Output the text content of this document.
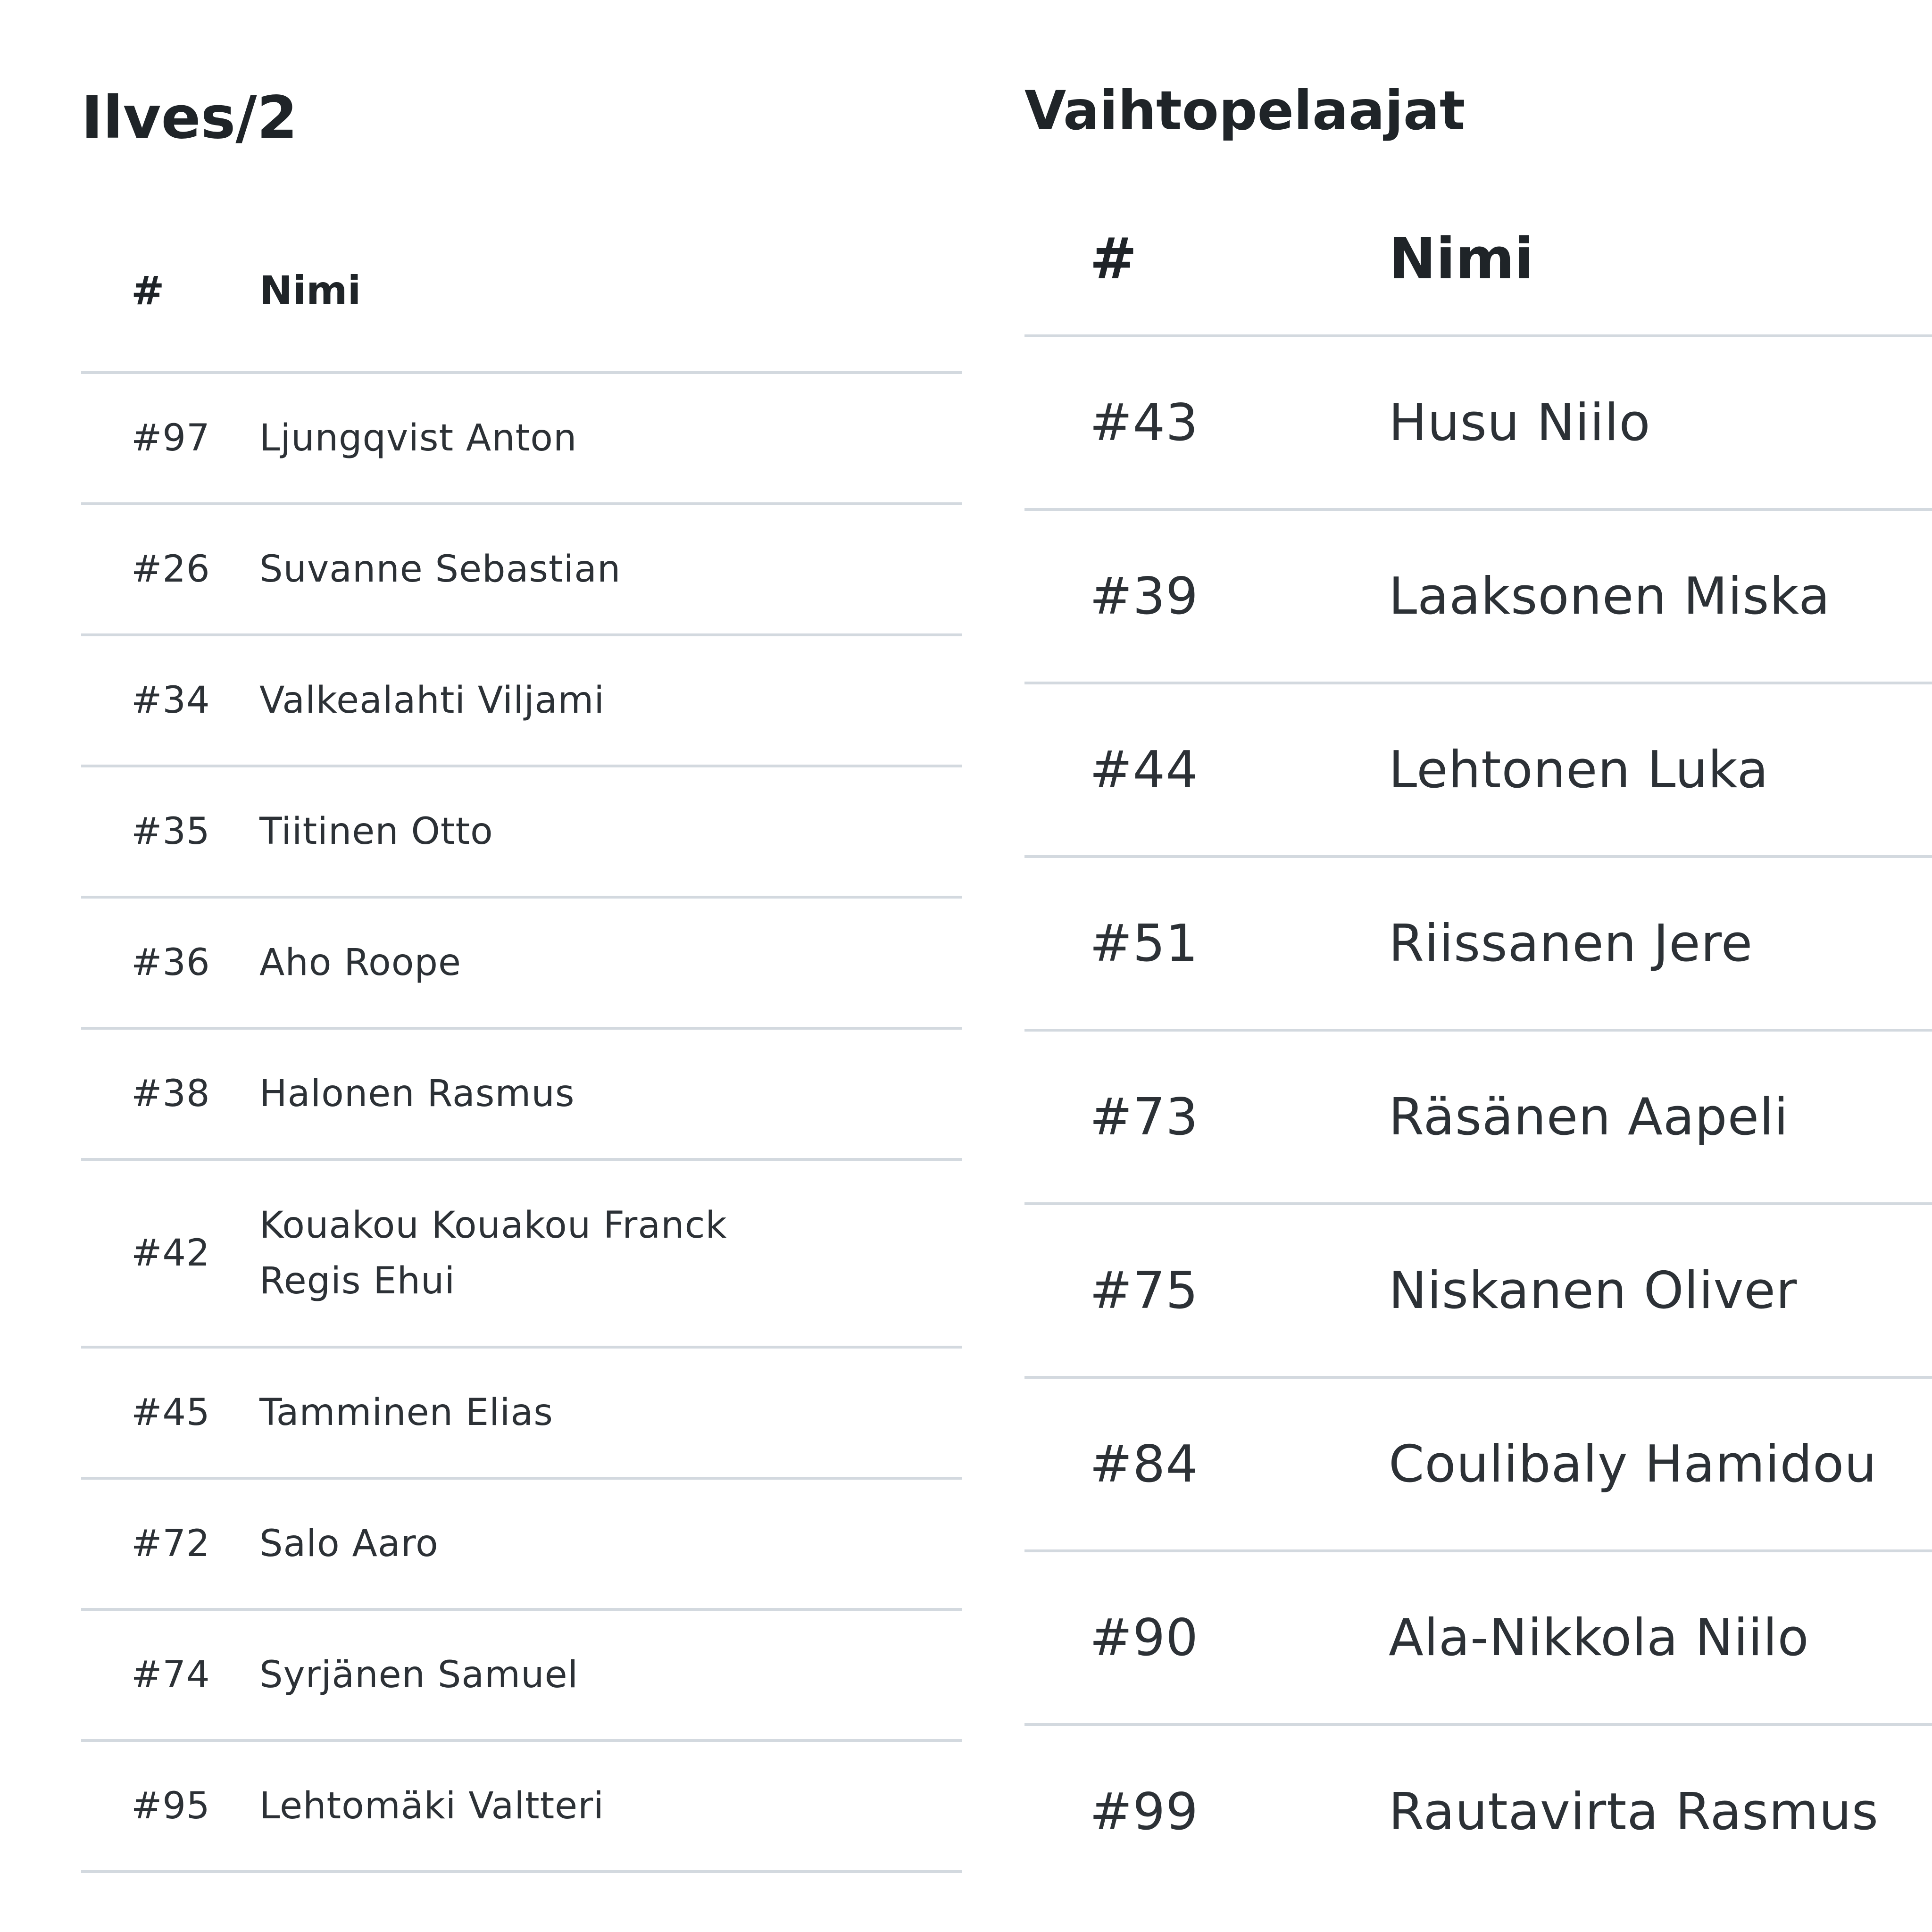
Ilves/2
#	Nimi
#97	Ljungqvist Anton
#26	Suvanne Sebastian
#34	Valkealahti Viljami
#35	Tiitinen Otto
#36	Aho Roope
#38	Halonen Rasmus
#42	Kouakou Kouakou Franck Regis Ehui
#45	Tamminen Elias
#72	Salo Aaro
#74	Syrjänen Samuel
#95	Lehtomäki Valtteri
Vaihtopelaajat
#	Nimi
#43	Husu Niilo
#39	Laaksonen Miska
#44	Lehtonen Luka
#51	Riissanen Jere
#73	Räsänen Aapeli
#75	Niskanen Oliver
#84	Coulibaly Hamidou
#90	Ala-Nikkola Niilo
#99	Rautavirta Rasmus
